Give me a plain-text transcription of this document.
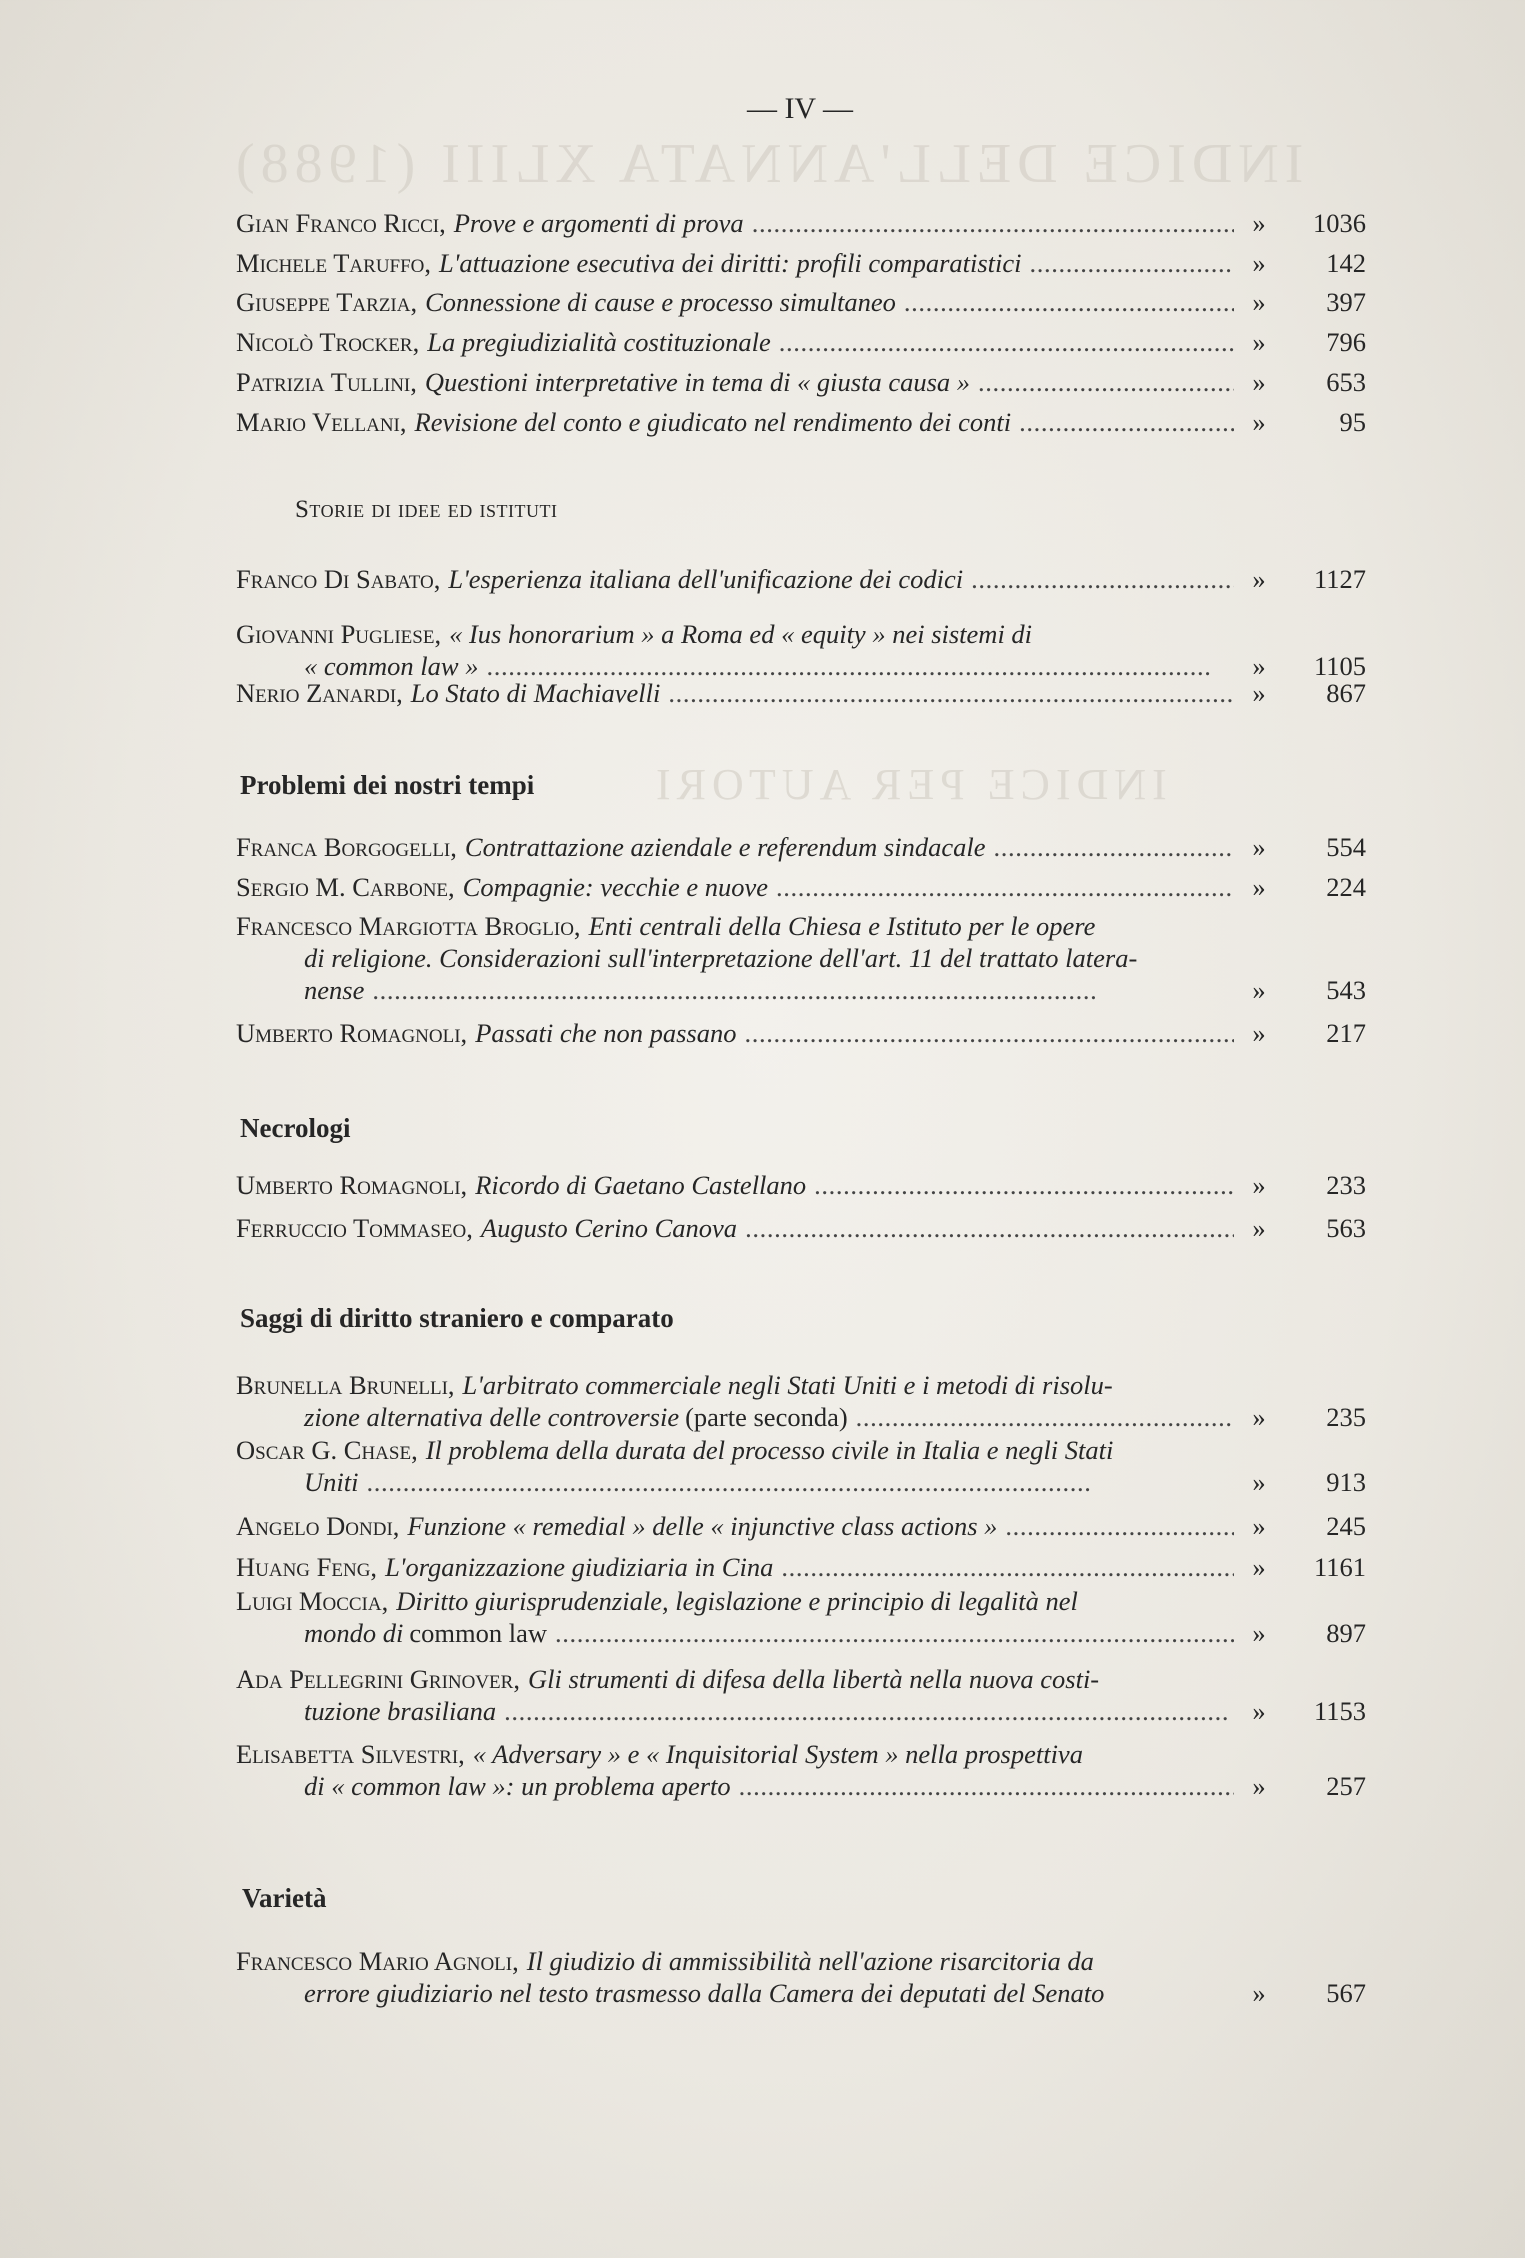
INDICE DELL'ANNATA XLIII (1988)
INDICE PER AUTORI
— IV —
Gian Franco Ricci, Prove e argomenti di prova . . .	»	1036
Michele Taruffo, L'attuazione esecutiva dei diritti: profili comparatistici . . .	»	142
Giuseppe Tarzia, Connessione di cause e processo simultaneo . . .	»	397
Nicolò Trocker, La pregiudizialità costituzionale . . .	»	796
Patrizia Tullini, Questioni interpretative in tema di « giusta causa » . . .	»	653
Mario Vellani, Revisione del conto e giudicato nel rendimento dei conti . . .	»	95
Storie di idee ed istituti
Franco Di Sabato, L'esperienza italiana dell'unificazione dei codici . . .	»	1127
Giovanni Pugliese, « Ius honorarium » a Roma ed « equity » nei sistemi di
« common law » . . .	»	1105
Nerio Zanardi, Lo Stato di Machiavelli . . .	»	867
Problemi dei nostri tempi
Franca Borgogelli, Contrattazione aziendale e referendum sindacale . . .	»	554
Sergio M. Carbone, Compagnie: vecchie e nuove . . .	»	224
Francesco Margiotta Broglio, Enti centrali della Chiesa e Istituto per le opere
di religione. Considerazioni sull'interpretazione dell'art. 11 del trattato latera-
nense . . .	»	543
Umberto Romagnoli, Passati che non passano . . .	»	217
Necrologi
Umberto Romagnoli, Ricordo di Gaetano Castellano . . .	»	233
Ferruccio Tommaseo, Augusto Cerino Canova . . .	»	563
Saggi di diritto straniero e comparato
Brunella Brunelli, L'arbitrato commerciale negli Stati Uniti e i metodi di risolu-
zione alternativa delle controversie (parte seconda) . . .	»	235
Oscar G. Chase, Il problema della durata del processo civile in Italia e negli Stati
Uniti . . .	»	913
Angelo Dondi, Funzione « remedial » delle « injunctive class actions » . . .	»	245
Huang Feng, L'organizzazione giudiziaria in Cina . . .	»	1161
Luigi Moccia, Diritto giurisprudenziale, legislazione e principio di legalità nel
mondo di common law . . .	»	897
Ada Pellegrini Grinover, Gli strumenti di difesa della libertà nella nuova costi-
tuzione brasiliana . . .	»	1153
Elisabetta Silvestri, « Adversary » e « Inquisitorial System » nella prospettiva
di « common law »: un problema aperto . . .	»	257
Varietà
Francesco Mario Agnoli, Il giudizio di ammissibilità nell'azione risarcitoria da
errore giudiziario nel testo trasmesso dalla Camera dei deputati del Senato	»	567
